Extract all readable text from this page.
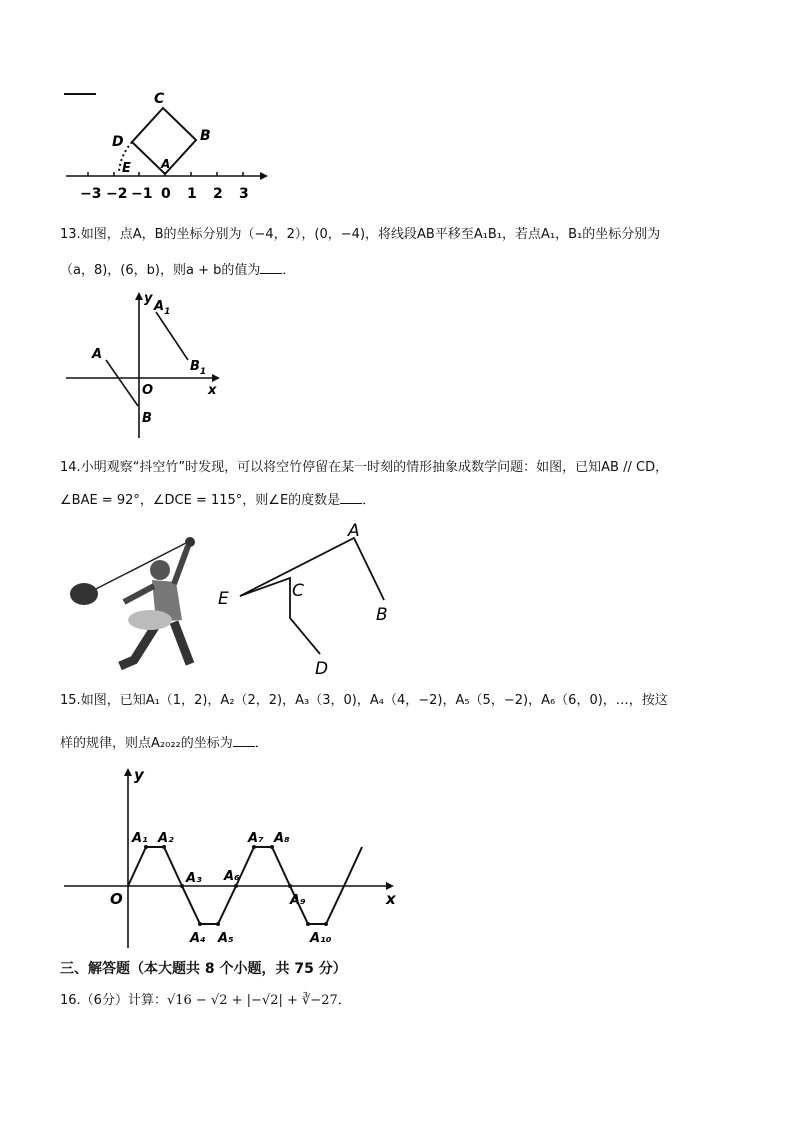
C
B
D
E	A
−3 −2 −1 0 1 2 3
13.如图，点A，B的坐标分别为（−4，2），(0，−4)，将线段AB平移至A₁B₁，若点A₁，B₁的坐标分别为
（a，8)，(6，b)，则a + b的值为 ．
y
x
O
A
B
$A_1$
$B_1$
14.小明观察“抖空竹”时发现，可以将空竹停留在某一时刻的情形抽象成数学问题：如图，已知AB // CD，
∠BAE = 92°，∠DCE = 115°，则∠E的度数是 ．
A
B
C
D
E
15.如图，已知A₁（1，2)，A₂（2，2)，A₃（3，0)，A₄（4，−2)，A₅（5，−2)，A₆（6，0)，…，按这
样的规律，则点A₂₀₂₂的坐标为 ．
y
x
O
A₁ A₂
A₃
A₄ A₅
A₆
A₇ A₈
A₉
A₁₀
三、解答题（本大题共 8 个小题，共 75 分）
16.（6分）计算：√16 − √2 + |−√2| + ∛−27．
